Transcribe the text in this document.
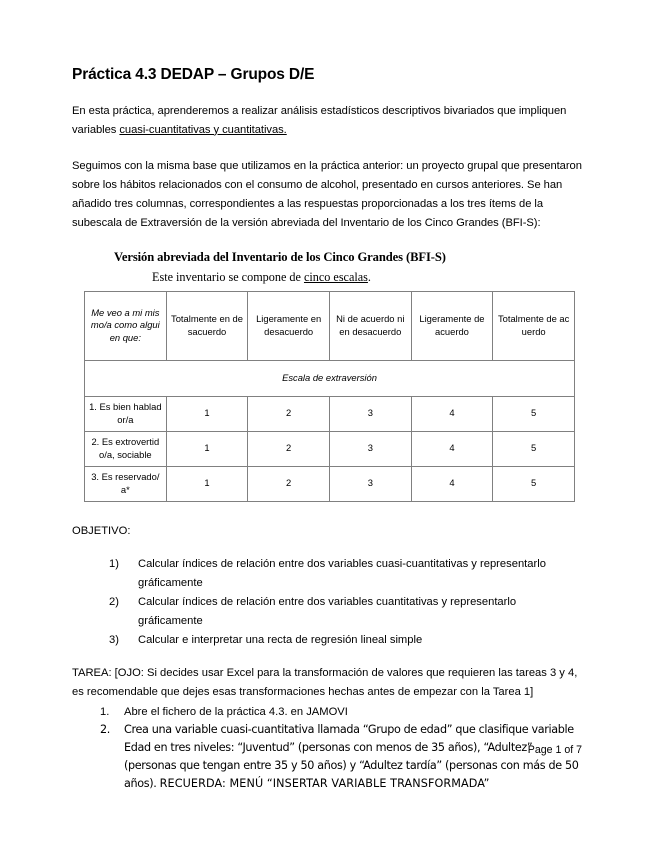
Práctica 4.3 DEDAP – Grupos D/E

En esta práctica, aprenderemos a realizar análisis estadísticos descriptivos bivariados que impliquen variables cuasi-cuantitativas y cuantitativas.

Seguimos con la misma base que utilizamos en la práctica anterior: un proyecto grupal que presentaron sobre los hábitos relacionados con el consumo de alcohol, presentado en cursos anteriores. Se han añadido tres columnas, correspondientes a las respuestas proporcionadas a los tres ítems de la subescala de Extraversión de la versión abreviada del Inventario de los Cinco Grandes (BFI-S):

Versión abreviada del Inventario de los Cinco Grandes (BFI-S)
Este inventario se compone de cinco escalas.
Me veo a mi mismo/a como alguien que:	Totalmente en desacuerdo	Ligeramente en desacuerdo	Ni de acuerdo ni en desacuerdo	Ligeramente de acuerdo	Totalmente de acuerdo
Escala de extraversión					
1. Es bien hablador/a	1	2	3	4	5
2. Es extrovertido/a, sociable	1	2	3	4	5
3. Es reservado/a*	1	2	3	4	5
OBJETIVO:
1) Calcular índices de relación entre dos variables cuasi-cuantitativas y representarlo gráficamente
2) Calcular índices de relación entre dos variables cuantitativas y representarlo gráficamente
3) Calcular e interpretar una recta de regresión lineal simple
TAREA: [OJO: Si decides usar Excel para la transformación de valores que requieren las tareas 3 y 4, es recomendable que dejes esas transformaciones hechas antes de empezar con la Tarea 1]
1. Abre el fichero de la práctica 4.3. en JAMOVI
2. Crea una variable cuasi-cuantitativa llamada “Grupo de edad” que clasifique variable Edad en tres niveles: “Juventud” (personas con menos de 35 años), “Adultez” (personas que tengan entre 35 y 50 años) y “Adultez tardía” (personas con más de 50 años). RECUERDA: MENÚ “INSERTAR VARIABLE TRANSFORMADA”
Page 1 of 7
